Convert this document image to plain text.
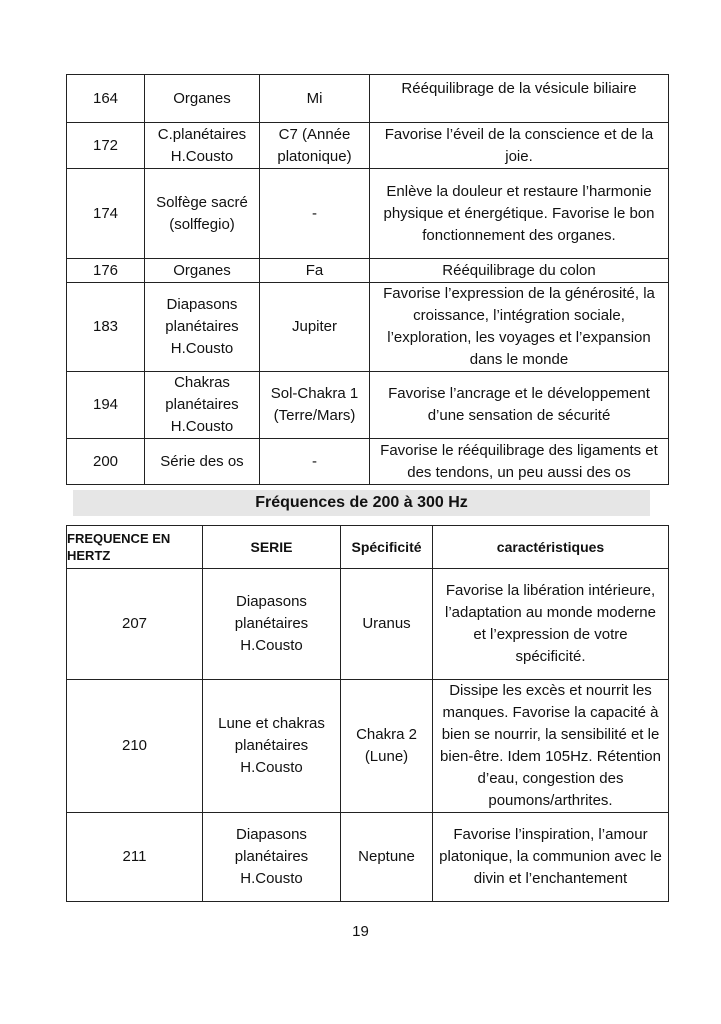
164	Organes	Mi	Rééquilibrage de la vésicule biliaire
172	C.planétaires H.Cousto	C7 (Année platonique)	Favorise l’éveil de la conscience et de la joie.
174	Solfège sacré (solffegio)	-	Enlève la douleur et restaure l’harmonie physique et énergétique. Favorise le bon fonctionnement des organes.
176	Organes	Fa	Rééquilibrage du colon
183	Diapasons planétaires H.Cousto	Jupiter	Favorise l’expression de la générosité, la croissance, l’intégration sociale, l’exploration, les voyages et l’expansion dans le monde
194	Chakras planétaires H.Cousto	Sol-Chakra 1 (Terre/Mars)	Favorise l’ancrage et le développement d’une sensation de sécurité
200	Série des os	-	Favorise le rééquilibrage des ligaments et des tendons, un peu aussi des os
Fréquences de 200 à 300 Hz
FREQUENCE EN HERTZ	SERIE	Spécificité	caractéristiques
207	Diapasons planétaires H.Cousto	Uranus	Favorise la libération intérieure, l’adaptation au monde moderne et l’expression de votre spécificité.
210	Lune et chakras planétaires H.Cousto	Chakra 2 (Lune)	Dissipe les excès et nourrit les manques. Favorise la capacité à bien se nourrir, la sensibilité et le bien-être. Idem 105Hz. Rétention d’eau, congestion des poumons/arthrites.
211	Diapasons planétaires H.Cousto	Neptune	Favorise l’inspiration, l’amour platonique, la communion avec le divin et l’enchantement
19
